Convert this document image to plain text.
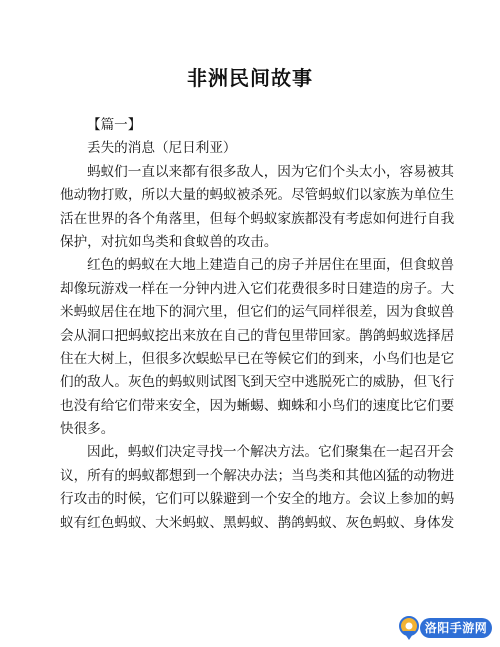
非洲民间故事
【篇一】
丢失的消息（尼日利亚）
蚂蚁们一直以来都有很多敌人，因为它们个头太小，容易被其
他动物打败，所以大量的蚂蚁被杀死。尽管蚂蚁们以家族为单位生
活在世界的各个角落里，但每个蚂蚁家族都没有考虑如何进行自我
保护，对抗如鸟类和食蚁兽的攻击。
红色的蚂蚁在大地上建造自己的房子并居住在里面，但食蚁兽
却像玩游戏一样在一分钟内进入它们花费很多时日建造的房子。大
米蚂蚁居住在地下的洞穴里，但它们的运气同样很差，因为食蚁兽
会从洞口把蚂蚁挖出来放在自己的背包里带回家。鹊鸽蚂蚁选择居
住在大树上，但很多次蜈蚣早已在等候它们的到来，小鸟们也是它
们的敌人。灰色的蚂蚁则试图飞到天空中逃脱死亡的威胁，但飞行
也没有给它们带来安全，因为蜥蜴、蜘蛛和小鸟们的速度比它们要
快很多。
因此，蚂蚁们决定寻找一个解决方法。它们聚集在一起召开会
议，所有的蚂蚁都想到一个解决办法；当鸟类和其他凶猛的动物进
行攻击的时候，它们可以躲避到一个安全的地方。会议上参加的蚂
蚁有红色蚂蚁、大米蚂蚁、黑蚂蚁、鹊鸽蚂蚁、灰色蚂蚁、身体发
洛阳手游网
